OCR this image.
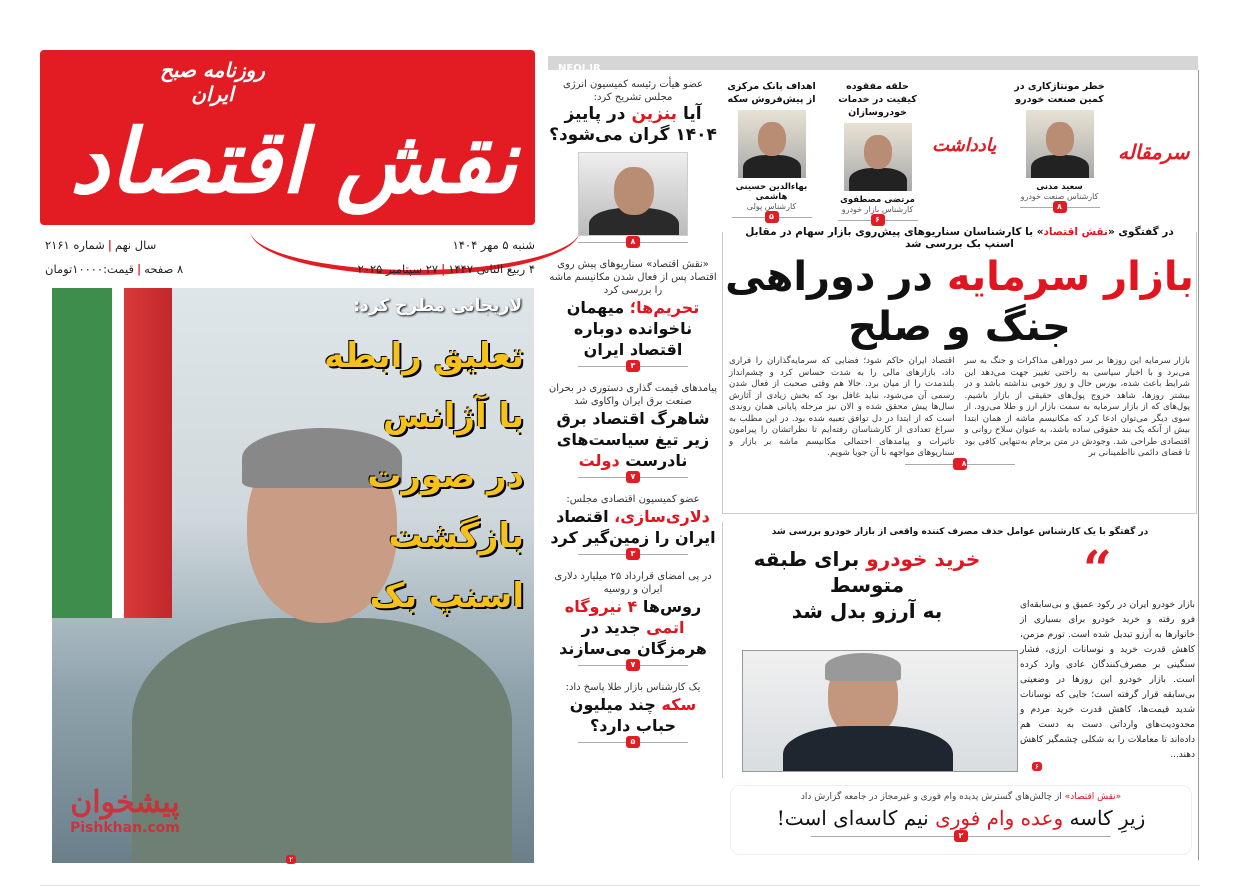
روزنامه صبح
ایران
نقش اقتصاد
شنبه ۵ مهر ۱۴۰۴
سال نهم|شماره ۲۱۶۱
۴ ربیع الثانی ۱۴۴۷|۲۷ سپتامبر ۲۰۲۵
۸ صفحه|قیمت:۱۰۰۰۰تومان
لاریجانی مطرح کرد:
تعلیق رابطه
با آژانس
در صورت
بازگشت
اسنپ بک
۲
پیشخوان
Pishkhan.com
NEOI.IR
خطر مونتاژکاری در کمین صنعت خودرو
سعید مدنی
کارشناس صنعت خودرو
۸
حلقه مفقوده کیفیت در خدمات خودروسازان
مرتضی مصطفوی
کارشناس بازار خودرو
۶
اهداف بانک مرکزی از پیش‌فروش سکه
بهاءالدین حسینی هاشمی
کارشناس پولی
۵
سرمقاله
یادداشت
عضو هیأت رئیسه کمیسیون انرژی مجلس تشریح کرد:
آیا بنزین در پاییز ۱۴۰۴ گران می‌شود؟
۸
«نقش اقتصاد» سناریوهای پیش روی اقتصاد پس از فعال شدن مکانیسم ماشه را بررسی کرد
تحریم‌ها؛ میهمان ناخوانده دوباره اقتصاد ایران
۳
پیامدهای قیمت گذاری دستوری در بحران صنعت برق ایران واکاوی شد
شاهرگ اقتصاد برق زیر تیغ سیاست‌های نادرست دولت
۷
عضو کمیسیون اقتصادی مجلس:
دلاری‌سازی، اقتصاد ایران را زمین‌گیر کرد
۳
در پی امضای قرارداد ۲۵ میلیارد دلاری ایران و روسیه
روس‌ها ۴ نیروگاه اتمی جدید در هرمزگان می‌سازند
۷
یک کارشناس بازار طلا پاسخ داد:
سکه چند میلیون حباب دارد؟
۵
در گفتگوی «نقش اقتصاد» با کارشناسان سناریوهای پیش‌روی بازار سهام در مقابل اسنپ بک بررسی شد
بازار سرمایه در دوراهی
جنگ و صلح

بازار سرمایه این روزها بر سر دوراهی مذاکرات و جنگ به سر می‌برد و با اخبار سیاسی به راحتی تغییر جهت می‌دهد این شرایط باعث شده، بورس حال و روز خوبی نداشته باشد و در بیشتر روزها، شاهد خروج پول‌های حقیقی از بازار باشیم. پول‌های که از بازار سرمایه به سمت بازار ارز و طلا می‌رود. از سوی دیگر می‌توان ادعا کرد که مکانیسم ماشه از همان ابتدا بیش از آنکه یک بند حقوقی ساده باشد، به عنوان سلاح روانی و اقتصادی طراحی شد. وجودش در متن برجام به‌تنهایی کافی بود تا فضای دائمی نااطمینانی بر

اقتصاد ایران حاکم شود؛ فضایی که سرمایه‌گذاران را فراری داد، بازارهای مالی را به شدت حساس کرد و چشم‌انداز بلندمدت را از میان برد. حالا هم وقتی صحبت از فعال شدن رسمی آن می‌شود، نباید غافل بود که بخش زیادی از آثارش سال‌ها پیش محقق شده و الان نیز مرحله پایانی همان روندی است که از ابتدا در دل توافق تعبیه شده بود. در این مطلب به سراغ تعدادی از کارشناسان رفته‌ایم تا نظراتشان را پیرامون تاثیرات و پیامدهای احتمالی مکانیسم ماشه بر بازار و سناریوهای مواجهه با آن جویا شویم.

۸
در گفتگو با یک کارشناس عوامل حذف مصرف کننده واقعی از بازار خودرو بررسی شد
خرید خودرو برای طبقه متوسط
به آرزو بدل شد
“

بازار خودرو ایران در رکود عمیق و بی‌سابقه‌ای فرو رفته و خرید خودرو برای بسیاری از خانوارها به آرزو تبدیل شده است. تورم مزمن، کاهش قدرت خرید و نوسانات ارزی، فشار سنگینی بر مصرف‌کنندگان عادی وارد کرده است. بازار خودرو این روزها در وضعیتی بی‌سابقه قرار گرفته است؛ جایی که نوسانات شدید قیمت‌ها، کاهش قدرت خرید مردم و محدودیت‌های وارداتی دست به دست هم داده‌اند تا معاملات را به شکلی چشمگیر کاهش دهند...

۶
«نقش اقتصاد» از چالش‌های گسترش پدیده وام فوری و غیرمجاز در جامعه گزارش داد
زیرِ کاسه وعده وام فوری نیم کاسه‌ای است!
۲
